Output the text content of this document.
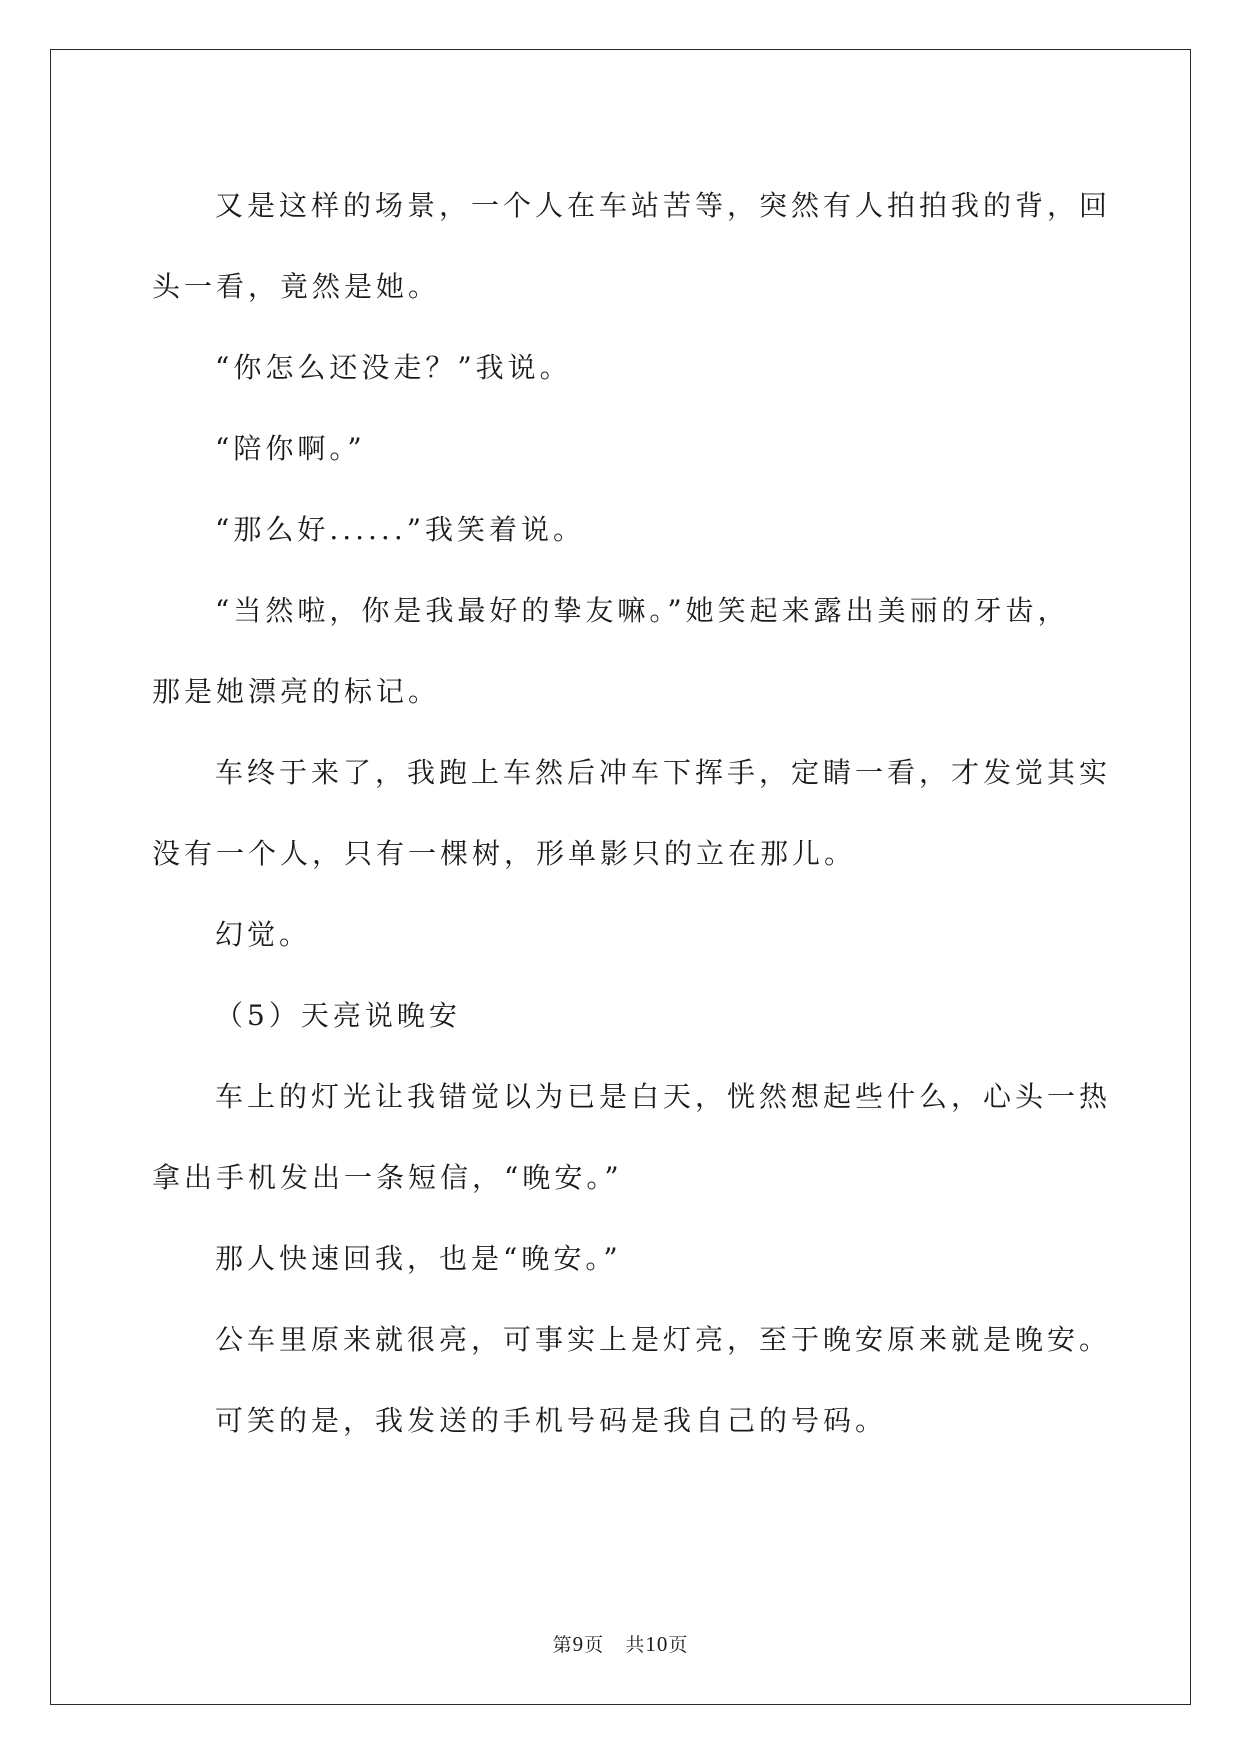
又是这样的场景，一个人在车站苦等，突然有人拍拍我的背，回
头一看，竟然是她。
“你怎么还没走？”我说。
“陪你啊。”
“那么好......”我笑着说。
“当然啦，你是我最好的挚友嘛。”她笑起来露出美丽的牙齿，
那是她漂亮的标记。
车终于来了，我跑上车然后冲车下挥手，定睛一看，才发觉其实
没有一个人，只有一棵树，形单影只的立在那儿。
幻觉。
（5）天亮说晚安
车上的灯光让我错觉以为已是白天，恍然想起些什么，心头一热
拿出手机发出一条短信，“晚安。”
那人快速回我，也是“晚安。”
公车里原来就很亮，可事实上是灯亮，至于晚安原来就是晚安。
可笑的是，我发送的手机号码是我自己的号码。
第9页 共10页
